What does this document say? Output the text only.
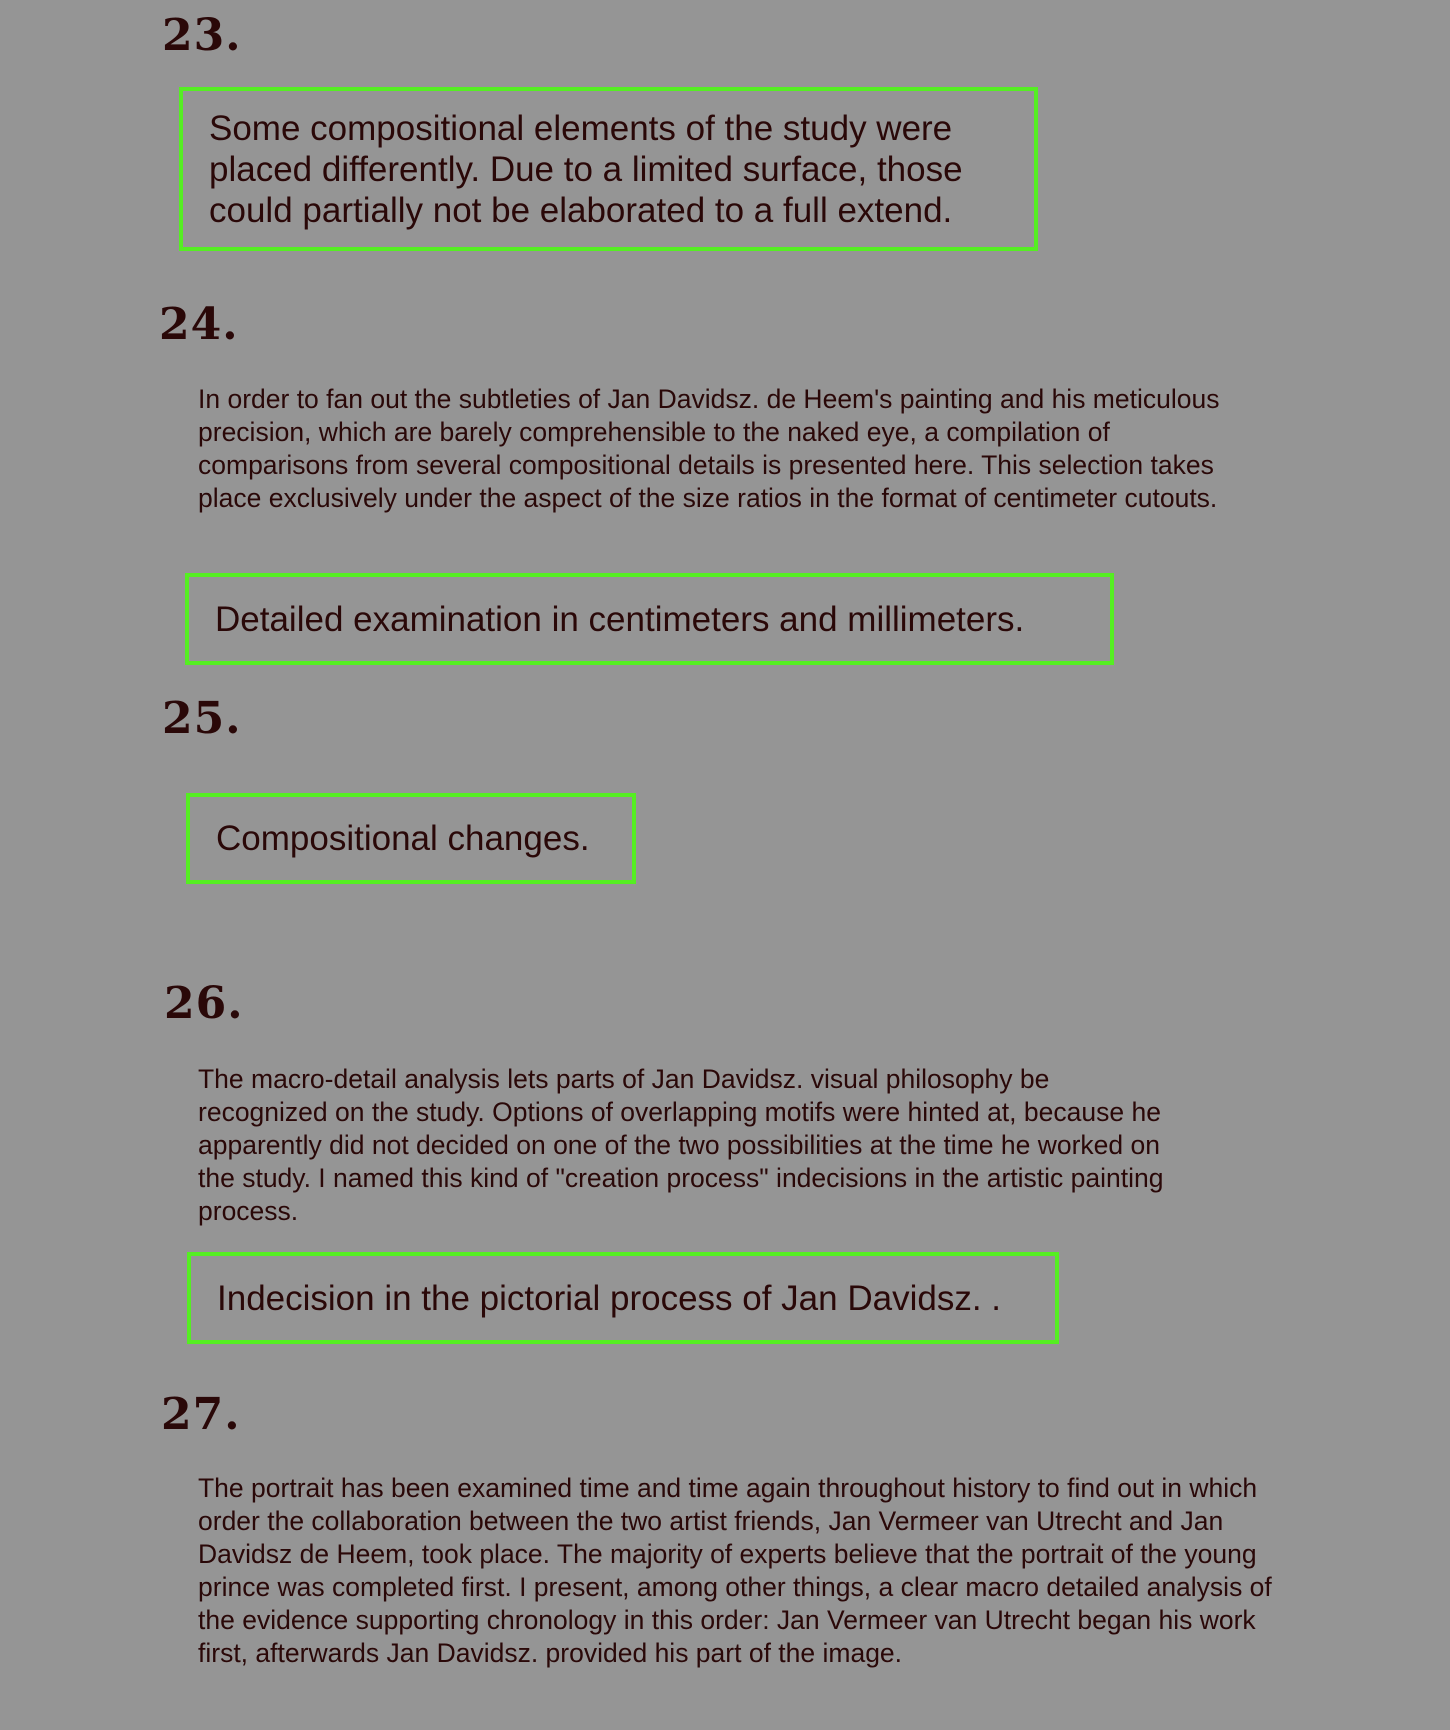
23.
Some compositional elements of the study were placed differently. Due to a limited surface, those could partially not be elaborated to a full extend.
24.

In order to fan out the subtleties of Jan Davidsz. de Heem's painting and his meticulous precision, which are barely comprehensible to the naked eye, a compilation of comparisons from several compositional details is presented here. This selection takes place exclusively under the aspect of the size ratios in the format of centimeter cutouts.

Detailed examination in centimeters and millimeters.
25.
Compositional changes.
26.

The macro-detail analysis lets parts of Jan Davidsz. visual philosophy be recognized on the study. Options of overlapping motifs were hinted at, because he apparently did not decided on one of the two possibilities at the time he worked on the study. I named this kind of "creation process" indecisions in the artistic painting process.

Indecision in the pictorial process of Jan Davidsz. .
27.

The portrait has been examined time and time again throughout history to find out in which order the collaboration between the two artist friends, Jan Vermeer van Utrecht and Jan Davidsz de Heem, took place. The majority of experts believe that the portrait of the young prince was completed first. I present, among other things, a clear macro detailed analysis of the evidence supporting chronology in this order: Jan Vermeer van Utrecht began his work first, afterwards Jan Davidsz. provided his part of the image.
